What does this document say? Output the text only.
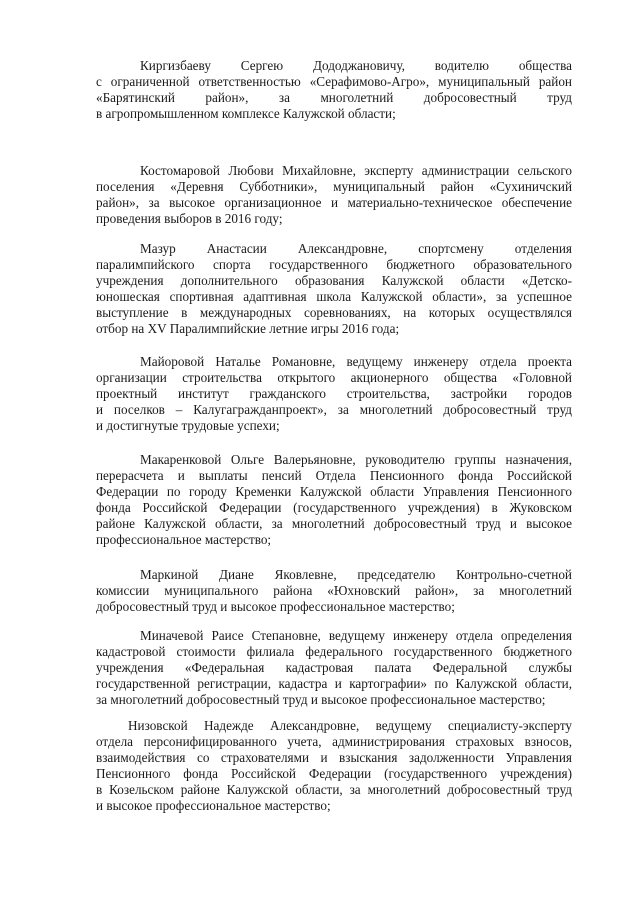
Киргизбаеву Сергею Дододжановичу, водителю общества

с ограниченной ответственностью «Серафимово-Агро», муниципальный район

«Барятинский район», за многолетний добросовестный труд

в агропромышленном комплексе Калужской области;

Костомаровой Любови Михайловне, эксперту администрации сельского

поселения «Деревня Субботники», муниципальный район «Сухиничский

район», за высокое организационное и материально-техническое обеспечение

проведения выборов в 2016 году;

Мазур Анастасии Александровне, спортсмену отделения

паралимпийского спорта государственного бюджетного образовательного

учреждения дополнительного образования Калужской области «Детско-

юношеская спортивная адаптивная школа Калужской области», за успешное

выступление в международных соревнованиях, на которых осуществлялся

отбор на XV Паралимпийские летние игры 2016 года;

Майоровой Наталье Романовне, ведущему инженеру отдела проекта

организации строительства открытого акционерного общества «Головной

проектный институт гражданского строительства, застройки городов

и поселков – Калугагражданпроект», за многолетний добросовестный труд

и достигнутые трудовые успехи;

Макаренковой Ольге Валерьяновне, руководителю группы назначения,

перерасчета и выплаты пенсий Отдела Пенсионного фонда Российской

Федерации по городу Кременки Калужской области Управления Пенсионного

фонда Российской Федерации (государственного учреждения) в Жуковском

районе Калужской области, за многолетний добросовестный труд и высокое

профессиональное мастерство;

Маркиной Диане Яковлевне, председателю Контрольно-счетной

комиссии муниципального района «Юхновский район», за многолетний

добросовестный труд и высокое профессиональное мастерство;

Миначевой Раисе Степановне, ведущему инженеру отдела определения

кадастровой стоимости филиала федерального государственного бюджетного

учреждения «Федеральная кадастровая палата Федеральной службы

государственной регистрации, кадастра и картографии» по Калужской области,

за многолетний добросовестный труд и высокое профессиональное мастерство;

Низовской Надежде Александровне, ведущему специалисту-эксперту

отдела персонифицированного учета, администрирования страховых взносов,

взаимодействия со страхователями и взыскания задолженности Управления

Пенсионного фонда Российской Федерации (государственного учреждения)

в Козельском районе Калужской области, за многолетний добросовестный труд

и высокое профессиональное мастерство;
